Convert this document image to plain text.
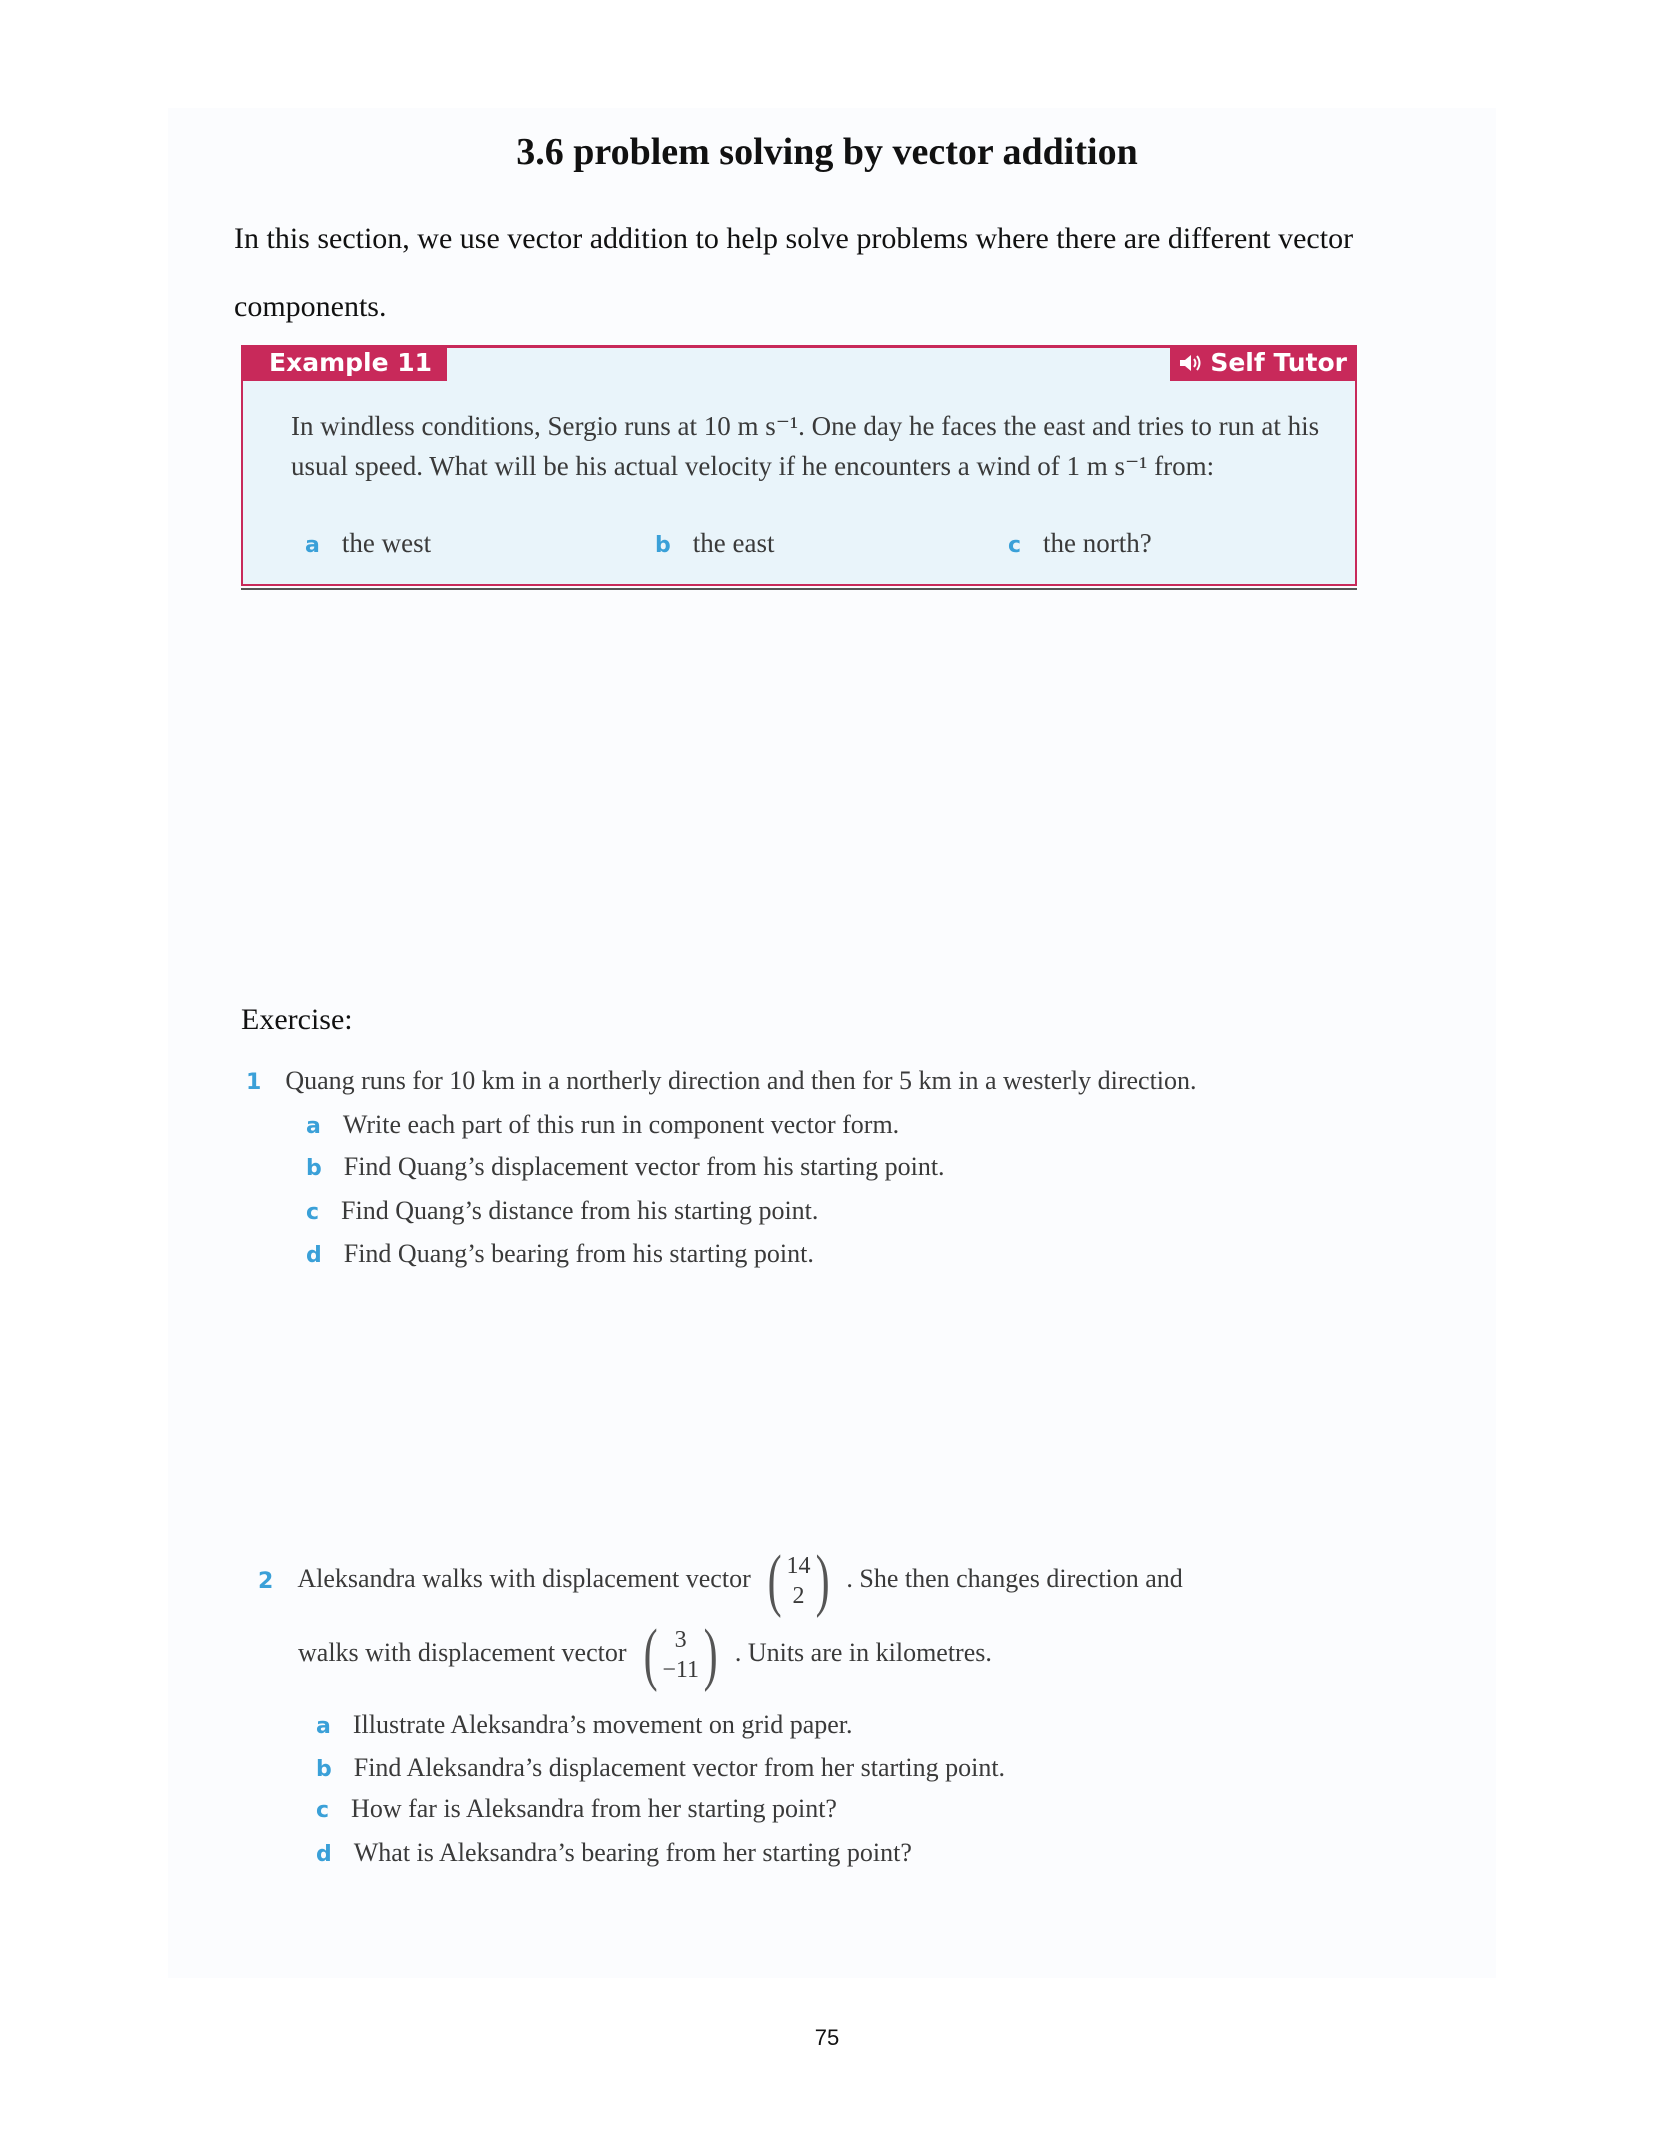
3.6 problem solving by vector addition
In this section, we use vector addition to help solve problems where there are different vector components.
Example 11	Self Tutor
In windless conditions, Sergio runs at 10 m s⁻¹. One day he faces the east and tries to run at his usual speed. What will be his actual velocity if he encounters a wind of 1 m s⁻¹ from:
a the west	b the east	c the north?
Exercise:
1 Quang runs for 10 km in a northerly direction and then for 5 km in a westerly direction.
a Write each part of this run in component vector form.
b Find Quang’s displacement vector from his starting point.
c Find Quang’s distance from his starting point.
d Find Quang’s bearing from his starting point.
2 Aleksandra walks with displacement vector ( 14
2 ) . She then changes direction and
walks with displacement vector ( 3
−11 ) . Units are in kilometres.
a Illustrate Aleksandra’s movement on grid paper.
b Find Aleksandra’s displacement vector from her starting point.
c How far is Aleksandra from her starting point?
d What is Aleksandra’s bearing from her starting point?
75
